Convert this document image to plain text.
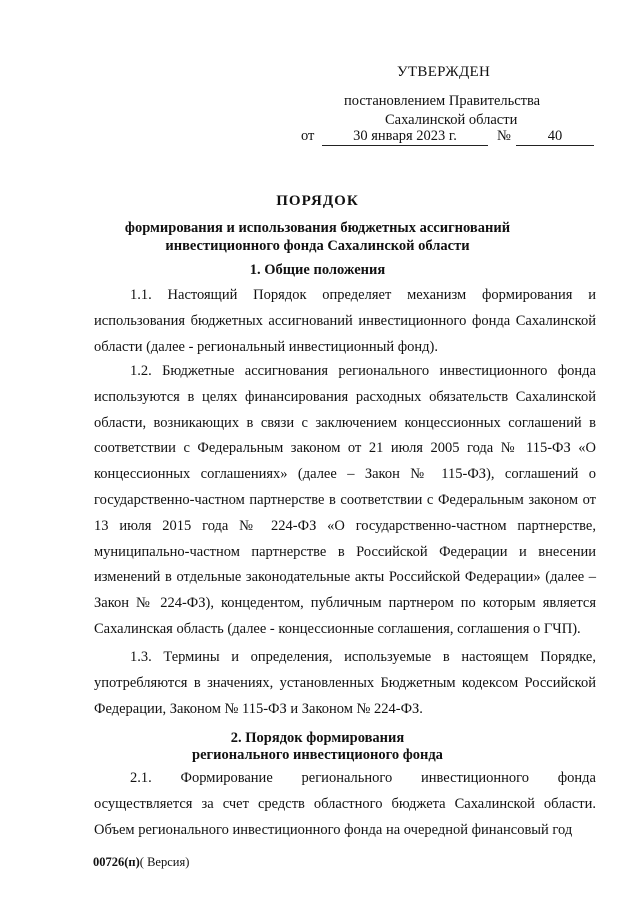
УТВЕРЖДЕН
постановлением Правительства
Сахалинской области
от	30 января 2023 г.	№	40
ПОРЯДОК
формирования и использования бюджетных ассигнований
инвестиционного фонда Сахалинской области
1. Общие положения
1.1. Настоящий Порядок определяет механизм формирования и использования бюджетных ассигнований инвестиционного фонда Сахалинской области (далее - региональный инвестиционный фонд).
1.2. Бюджетные ассигнования регионального инвестиционного фонда используются в целях финансирования расходных обязательств Сахалинской области, возникающих в связи с заключением концессионных соглашений в соответствии с Федеральным законом от 21 июля 2005 года № 115-ФЗ «О концессионных соглашениях» (далее – Закон № 115-ФЗ), соглашений о государственно-частном партнерстве в соответствии с Федеральным законом от 13 июля 2015 года № 224-ФЗ «О государственно-частном партнерстве, муниципально-частном партнерстве в Российской Федерации и внесении изменений в отдельные законодательные акты Российской Федерации» (далее – Закон № 224-ФЗ), концедентом, публичным партнером по которым является Сахалинская область (далее - концессионные соглашения, соглашения о ГЧП).
1.3. Термины и определения, используемые в настоящем Порядке, употребляются в значениях, установленных Бюджетным кодексом Российской Федерации, Законом № 115-ФЗ и Законом № 224-ФЗ.
2. Порядок формирования
регионального инвестиционого фонда
2.1. Формирование регионального инвестиционного фонда осуществляется за счет средств областного бюджета Сахалинской области. Объем регионального инвестиционного фонда на очередной финансовый год
00726(п)( Версия)
